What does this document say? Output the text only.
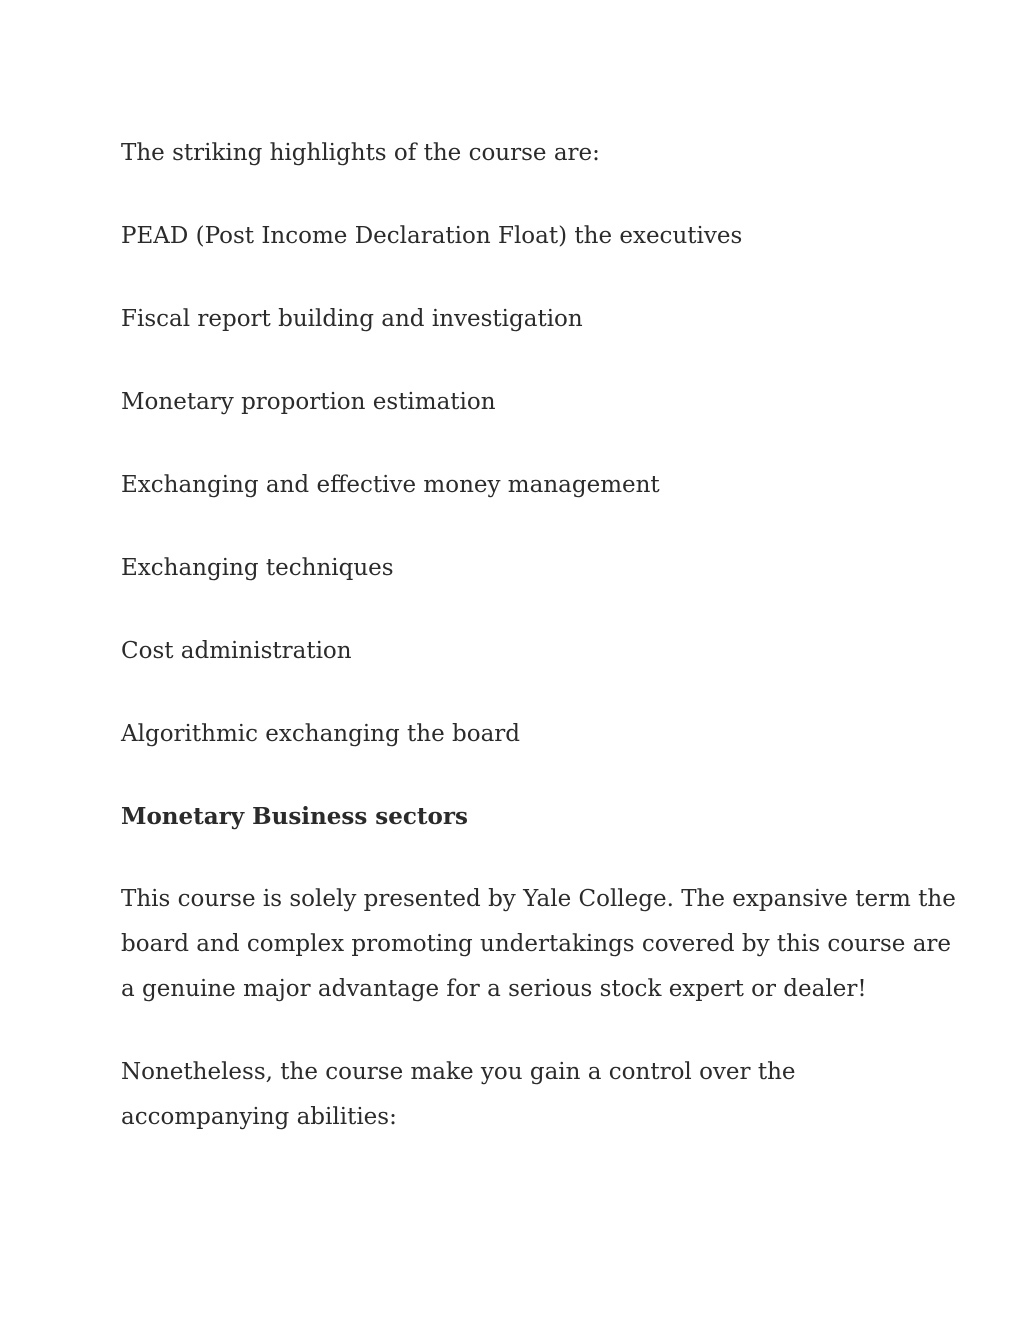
The striking highlights of the course are:

PEAD (Post Income Declaration Float) the executives

Fiscal report building and investigation

Monetary proportion estimation

Exchanging and effective money management

Exchanging techniques

Cost administration

Algorithmic exchanging the board

Monetary Business sectors

This course is solely presented by Yale College. The expansive term the
board and complex promoting undertakings covered by this course are
a genuine major advantage for a serious stock expert or dealer!

Nonetheless, the course make you gain a control over the
accompanying abilities:
